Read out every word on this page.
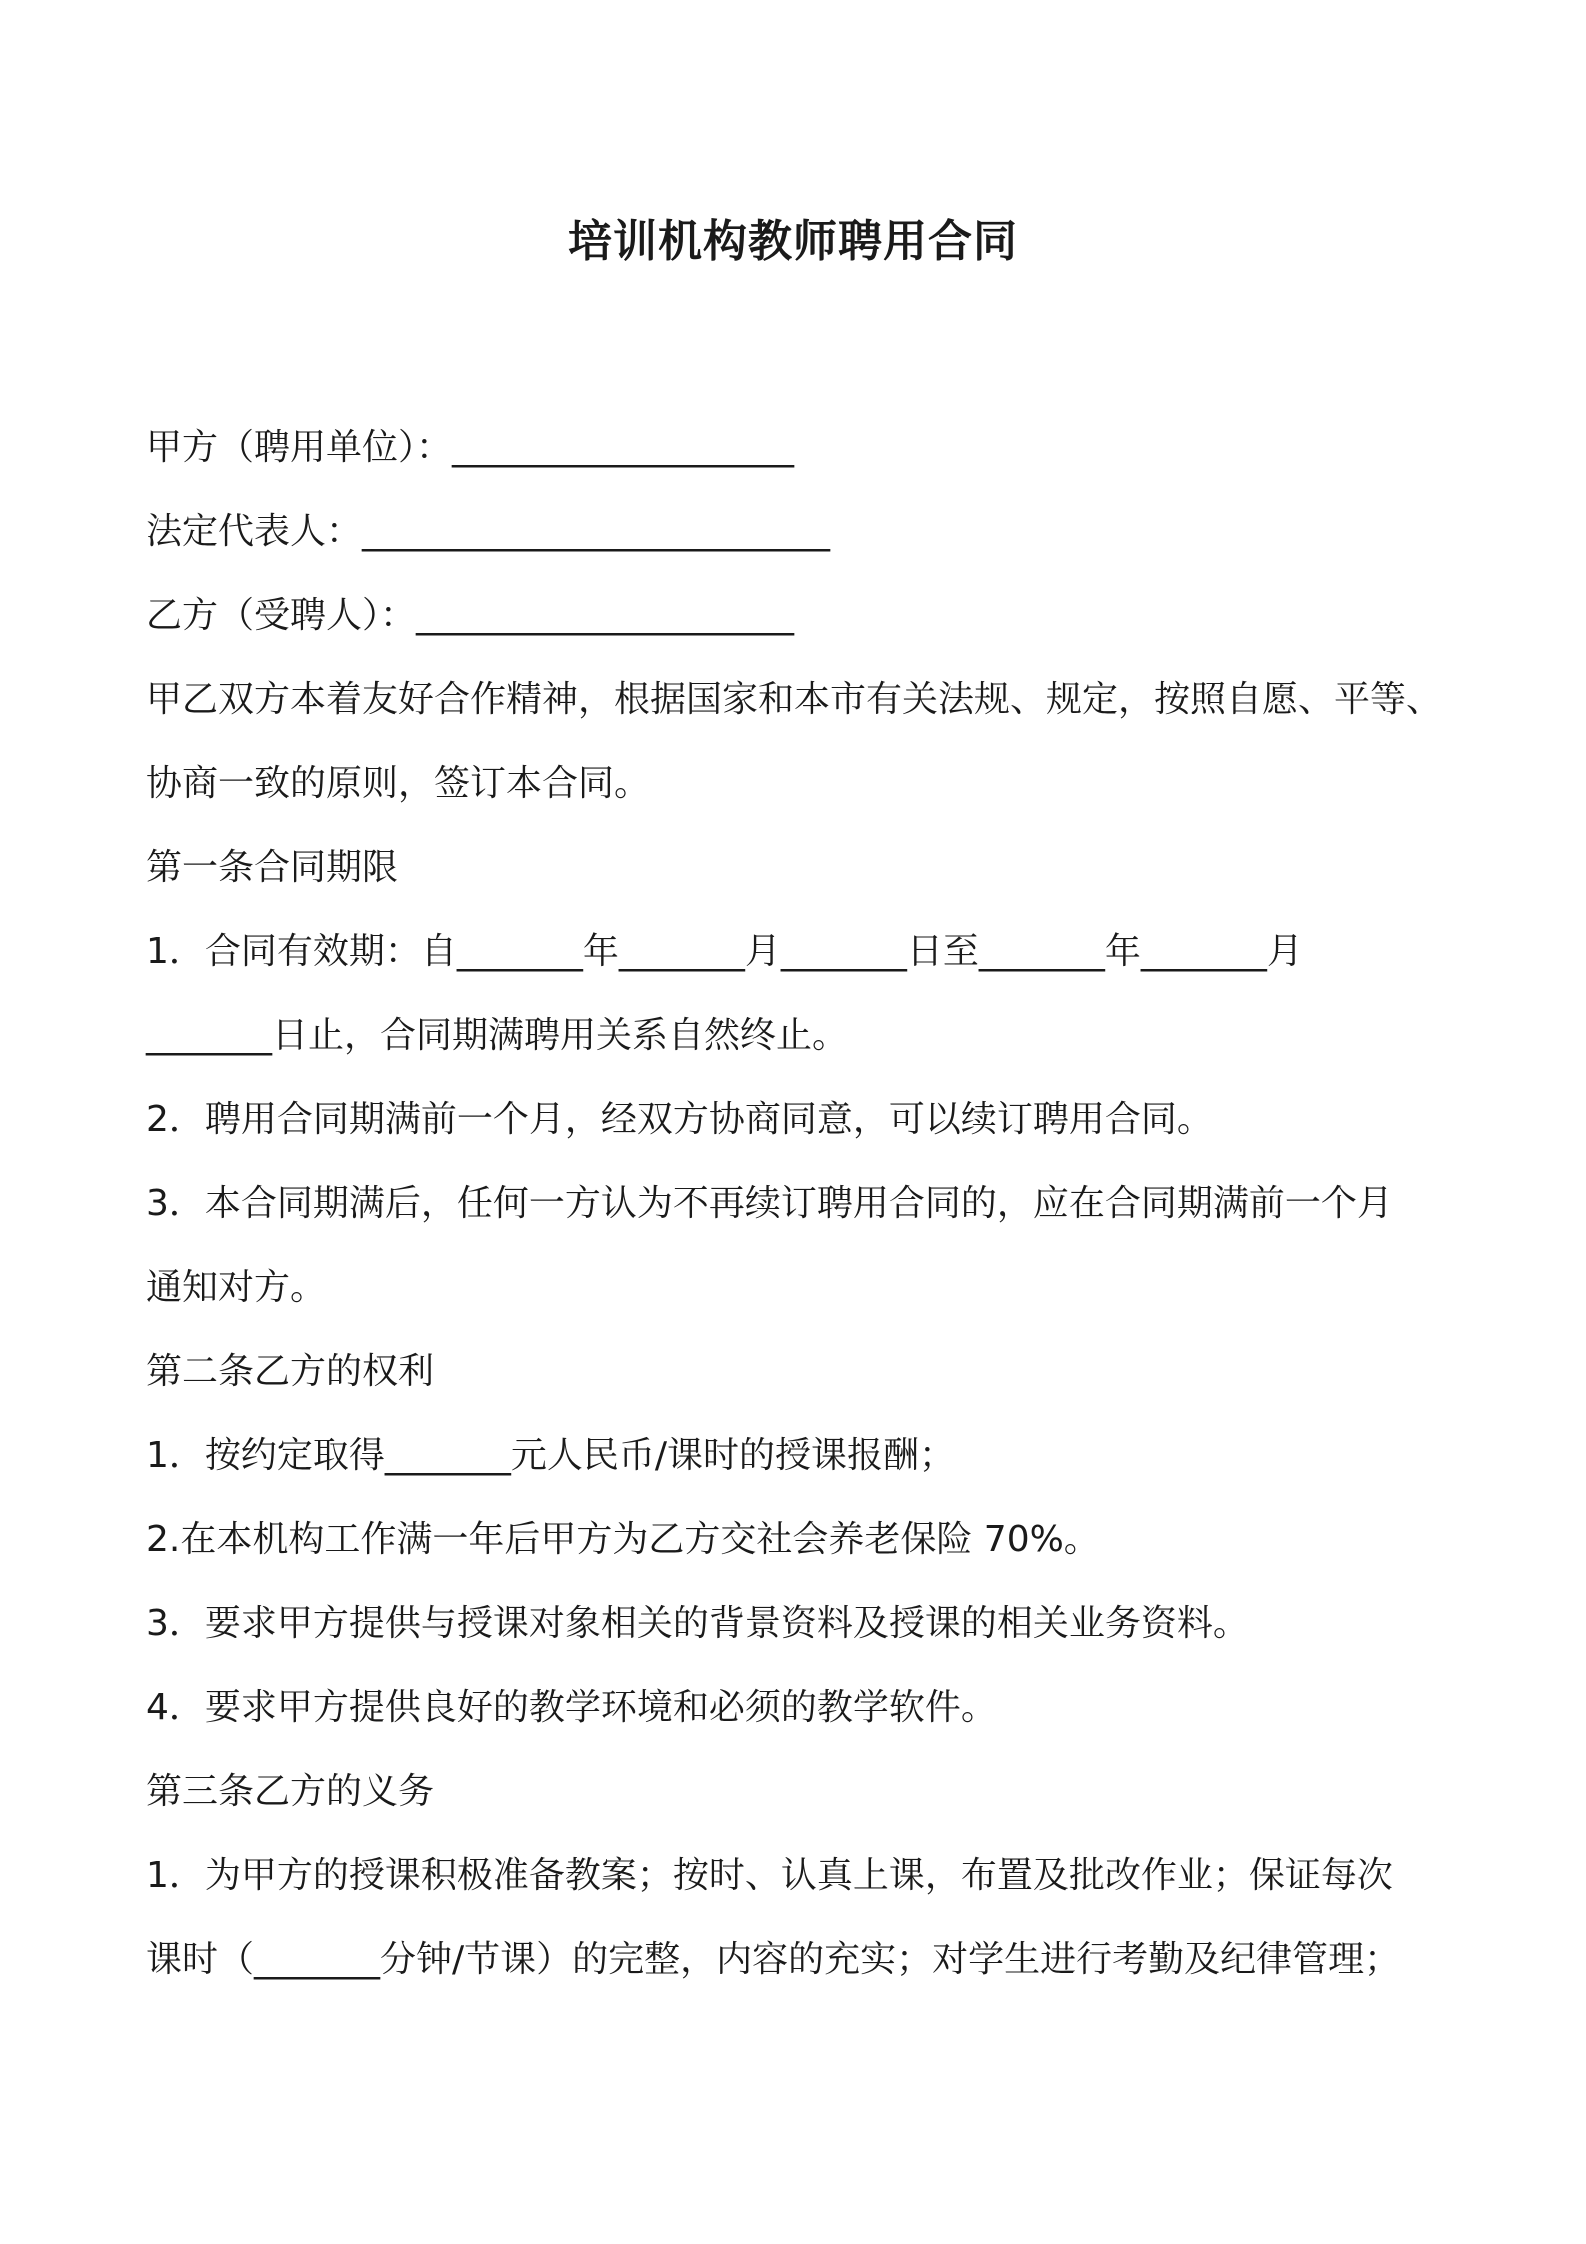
培训机构教师聘用合同

甲方（聘用单位）：___________________

法定代表人：__________________________

乙方（受聘人）：_____________________

甲乙双方本着友好合作精神，根据国家和本市有关法规、规定，按照自愿、平等、

协商一致的原则，签订本合同。

第一条合同期限

1．合同有效期：自_______年_______月_______日至_______年_______月

_______日止，合同期满聘用关系自然终止。

2．聘用合同期满前一个月，经双方协商同意，可以续订聘用合同。

3．本合同期满后，任何一方认为不再续订聘用合同的，应在合同期满前一个月

通知对方。

第二条乙方的权利

1．按约定取得_______元人民币/课时的授课报酬；

2.在本机构工作满一年后甲方为乙方交社会养老保险 70%。

3．要求甲方提供与授课对象相关的背景资料及授课的相关业务资料。

4．要求甲方提供良好的教学环境和必须的教学软件。

第三条乙方的义务

1．为甲方的授课积极准备教案；按时、认真上课，布置及批改作业；保证每次

课时（_______分钟/节课）的完整，内容的充实；对学生进行考勤及纪律管理；
